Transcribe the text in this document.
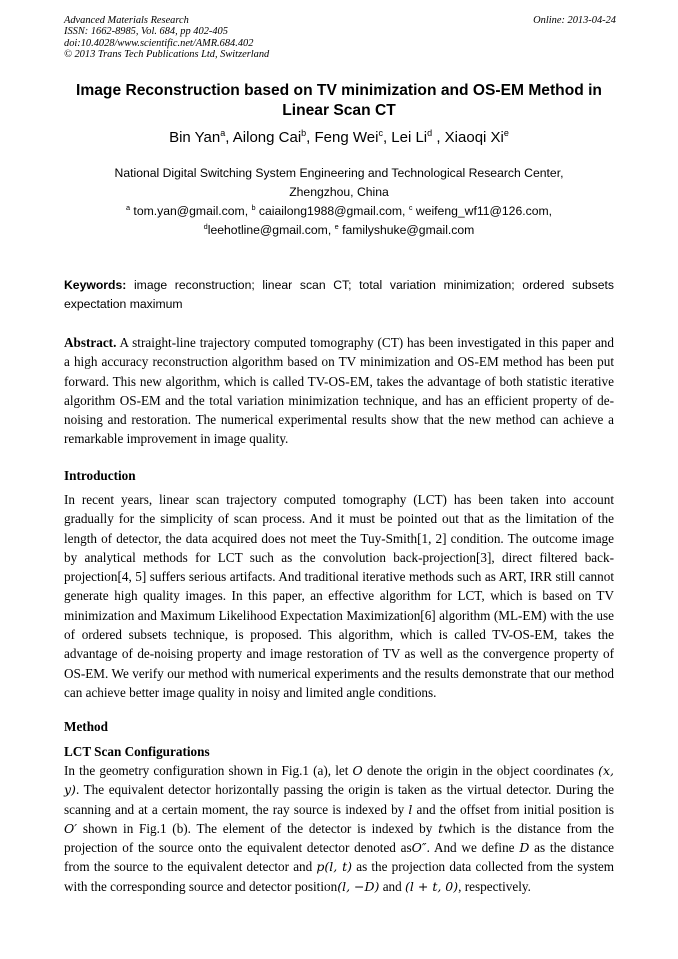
Advanced Materials Research
ISSN: 1662-8985, Vol. 684, pp 402-405
doi:10.4028/www.scientific.net/AMR.684.402
© 2013 Trans Tech Publications Ltd, Switzerland
Online: 2013-04-24
Image Reconstruction based on TV minimization and OS-EM Method in
Linear Scan CT
Bin Yan$^a$, Ailong Cai$^b$, Feng Wei$^c$, Lei Li$^d$ , Xiaoqi Xi$^e$
National Digital Switching System Engineering and Technological Research Center,
Zhengzhou, China
$^a$ tom.yan@gmail.com, $^b$ caiailong1988@gmail.com, $^c$ weifeng_wf11@126.com,
$^d$leehotline@gmail.com, $^e$ familyshuke@gmail.com
Keywords: image reconstruction; linear scan CT; total variation minimization; ordered subsets expectation maximum
Abstract. A straight-line trajectory computed tomography (CT) has been investigated in this paper and a high accuracy reconstruction algorithm based on TV minimization and OS-EM method has been put forward. This new algorithm, which is called TV-OS-EM, takes the advantage of both statistic iterative algorithm OS-EM and the total variation minimization technique, and has an efficient property of de-noising and restoration. The numerical experimental results show that the new method can achieve a remarkable improvement in image quality.
Introduction
In recent years, linear scan trajectory computed tomography (LCT) has been taken into account gradually for the simplicity of scan process. And it must be pointed out that as the limitation of the length of detector, the data acquired does not meet the Tuy-Smith[1, 2] condition. The outcome image by analytical methods for LCT such as the convolution back-projection[3], direct filtered back-projection[4, 5] suffers serious artifacts. And traditional iterative methods such as ART, IRR still cannot generate high quality images. In this paper, an effective algorithm for LCT, which is based on TV minimization and Maximum Likelihood Expectation Maximization[6] algorithm (ML-EM) with the use of ordered subsets technique, is proposed. This algorithm, which is called TV-OS-EM, takes the advantage of de-noising property and image restoration of TV as well as the convergence property of OS-EM. We verify our method with numerical experiments and the results demonstrate that our method can achieve better image quality in noisy and limited angle conditions.
Method
LCT Scan Configurations
In the geometry configuration shown in Fig.1 (a), let O denote the origin in the object coordinates (x, y). The equivalent detector horizontally passing the origin is taken as the virtual detector. During the scanning and at a certain moment, the ray source is indexed by l and the offset from initial position is O′ shown in Fig.1 (b). The element of the detector is indexed by twhich is the distance from the projection of the source onto the equivalent detector denoted asO″. And we define D as the distance from the source to the equivalent detector and p(l, t) as the projection data collected from the system with the corresponding source and detector position(l, −D) and (l + t, 0), respectively.
